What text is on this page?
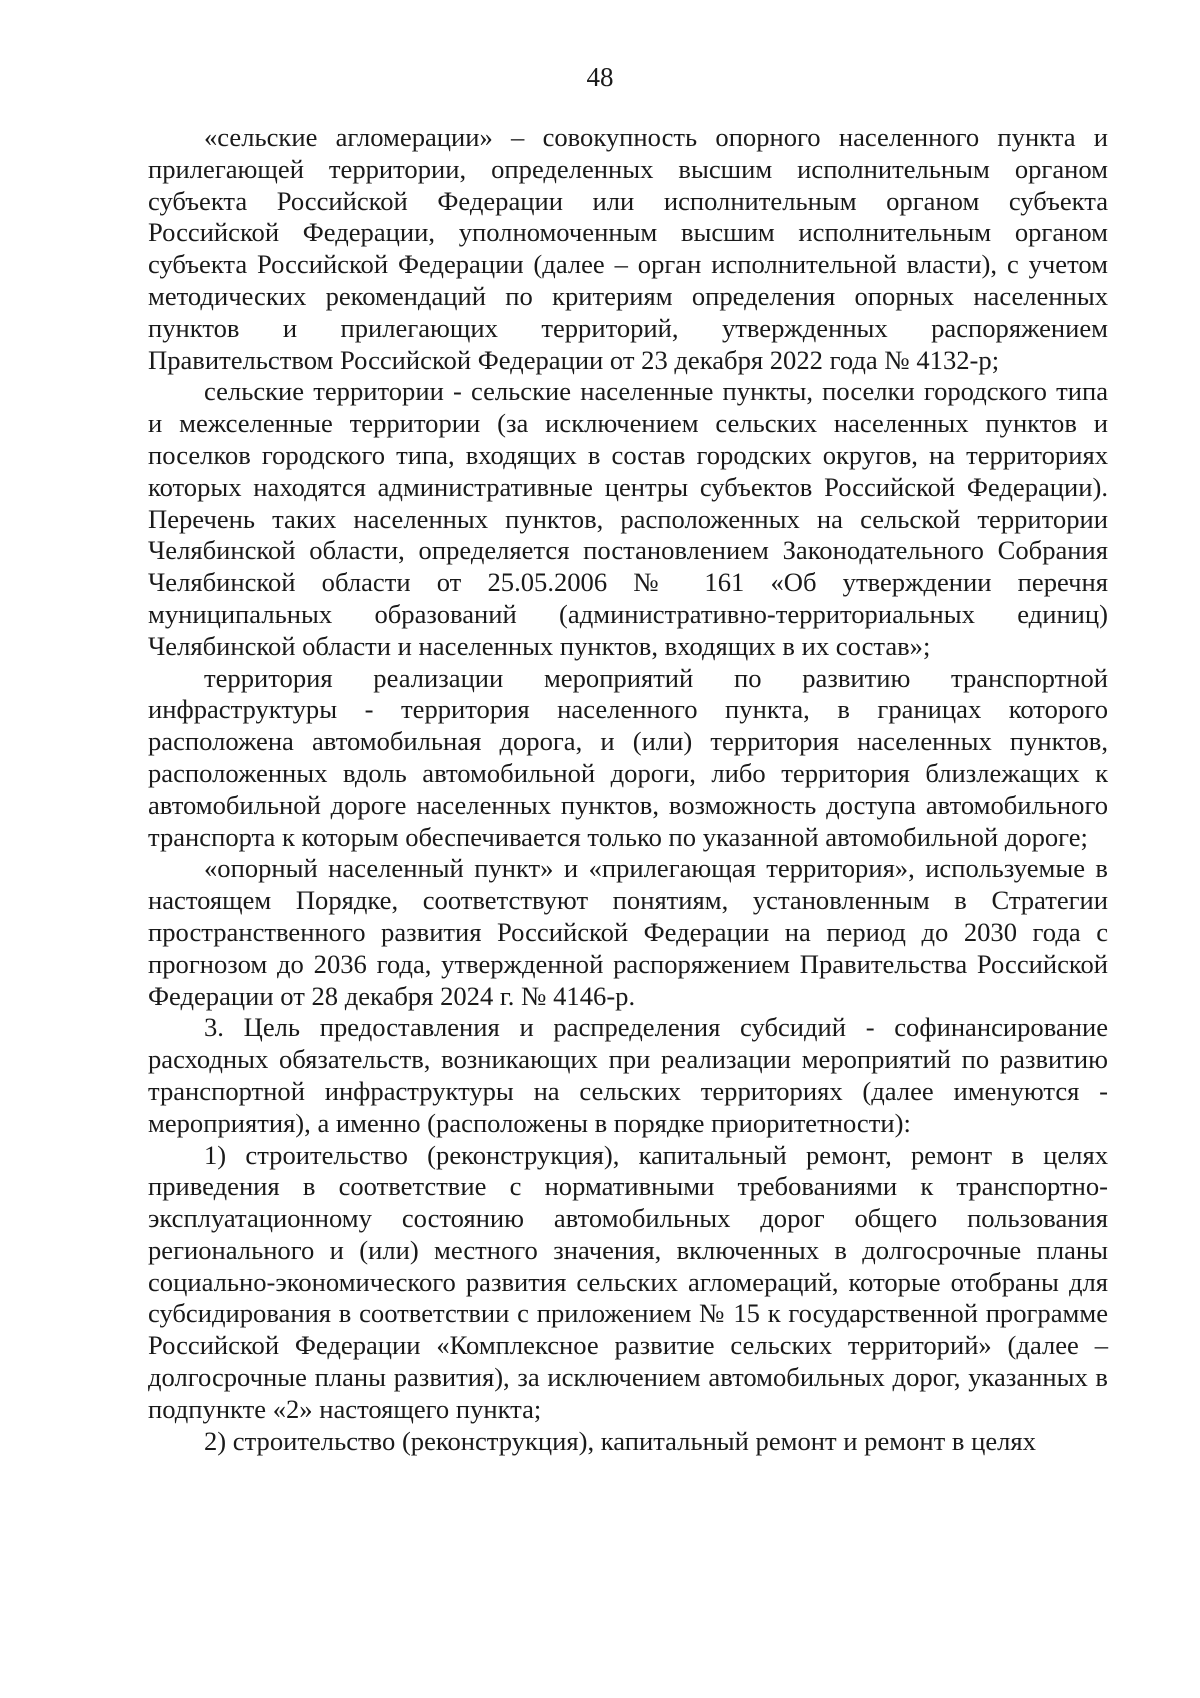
48

«сельские агломерации» – совокупность опорного населенного пункта и прилегающей территории, определенных высшим исполнительным органом субъекта Российской Федерации или исполнительным органом субъекта Российской Федерации, уполномоченным высшим исполнительным органом субъекта Российской Федерации (далее – орган исполнительной власти), с учетом методических рекомендаций по критериям определения опорных населенных пунктов и прилегающих территорий, утвержденных распоряжением Правительством Российской Федерации от 23 декабря 2022 года № 4132-р;

сельские территории - сельские населенные пункты, поселки городского типа и межселенные территории (за исключением сельских населенных пунктов и поселков городского типа, входящих в состав городских округов, на территориях которых находятся административные центры субъектов Российской Федерации). Перечень таких населенных пунктов, расположенных на сельской территории Челябинской области, определяется постановлением Законодательного Собрания Челябинской области от 25.05.2006 № 161 «Об утверждении перечня муниципальных образований (административно-территориальных единиц) Челябинской области и населенных пунктов, входящих в их состав»;

территория реализации мероприятий по развитию транспортной инфраструктуры - территория населенного пункта, в границах которого расположена автомобильная дорога, и (или) территория населенных пунктов, расположенных вдоль автомобильной дороги, либо территория близлежащих к автомобильной дороге населенных пунктов, возможность доступа автомобильного транспорта к которым обеспечивается только по указанной автомобильной дороге;

«опорный населенный пункт» и «прилегающая территория», используемые в настоящем Порядке, соответствуют понятиям, установленным в Стратегии пространственного развития Российской Федерации на период до 2030 года с прогнозом до 2036 года, утвержденной распоряжением Правительства Российской Федерации от 28 декабря 2024 г. № 4146-р.

3. Цель предоставления и распределения субсидий - софинансирование расходных обязательств, возникающих при реализации мероприятий по развитию транспортной инфраструктуры на сельских территориях (далее именуются - мероприятия), а именно (расположены в порядке приоритетности):

1) строительство (реконструкция), капитальный ремонт, ремонт в целях приведения в соответствие с нормативными требованиями к транспортно-эксплуатационному состоянию автомобильных дорог общего пользования регионального и (или) местного значения, включенных в долгосрочные планы социально-экономического развития сельских агломераций, которые отобраны для субсидирования в соответствии с приложением № 15 к государственной программе Российской Федерации «Комплексное развитие сельских территорий» (далее – долгосрочные планы развития), за исключением автомобильных дорог, указанных в подпункте «2» настоящего пункта;

2) строительство (реконструкция), капитальный ремонт и ремонт в целях
